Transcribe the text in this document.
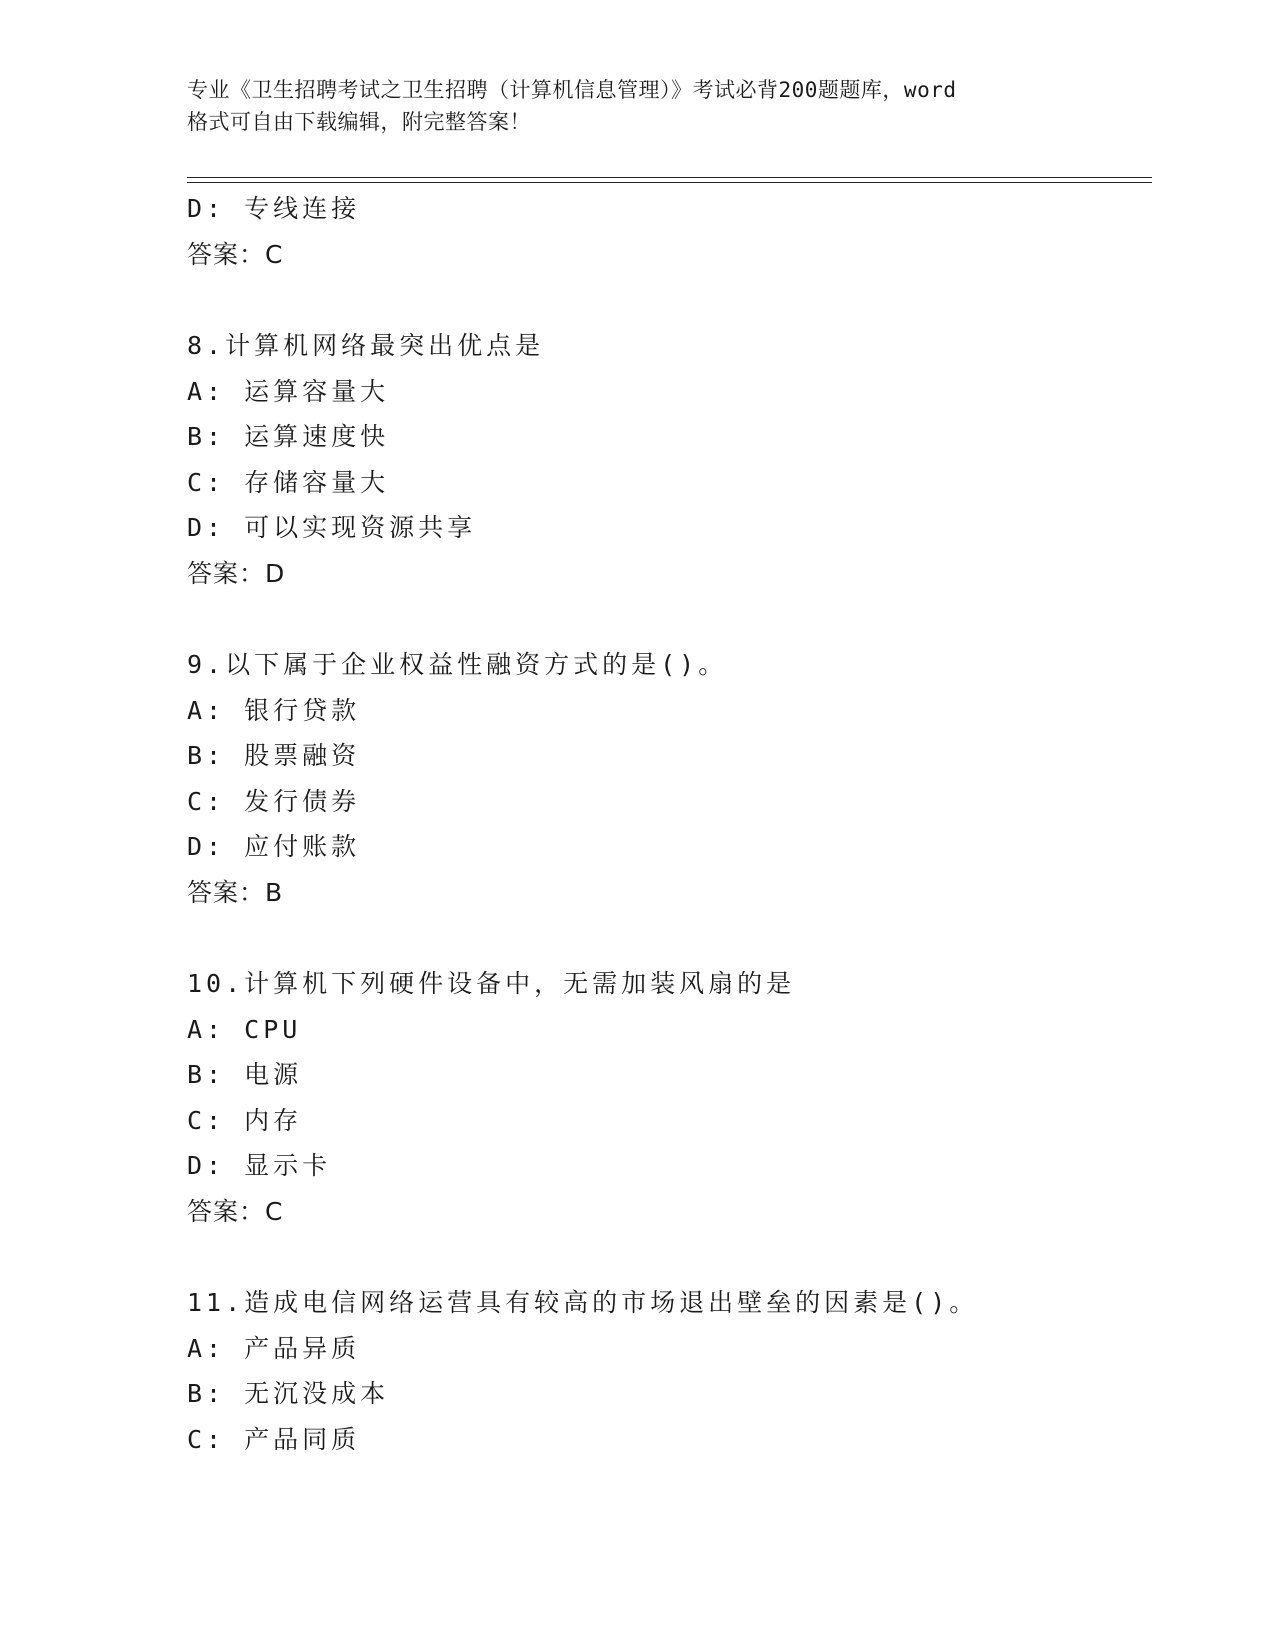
专业《卫生招聘考试之卫生招聘（计算机信息管理）》考试必背200题题库，word
格式可自由下载编辑，附完整答案！
D: 专线连接
答案：C
8.计算机网络最突出优点是
A: 运算容量大
B: 运算速度快
C: 存储容量大
D: 可以实现资源共享
答案：D
9.以下属于企业权益性融资方式的是()。
A: 银行贷款
B: 股票融资
C: 发行债券
D: 应付账款
答案：B
10.计算机下列硬件设备中，无需加装风扇的是
A: CPU
B: 电源
C: 内存
D: 显示卡
答案：C
11.造成电信网络运营具有较高的市场退出壁垒的因素是()。
A: 产品异质
B: 无沉没成本
C: 产品同质
